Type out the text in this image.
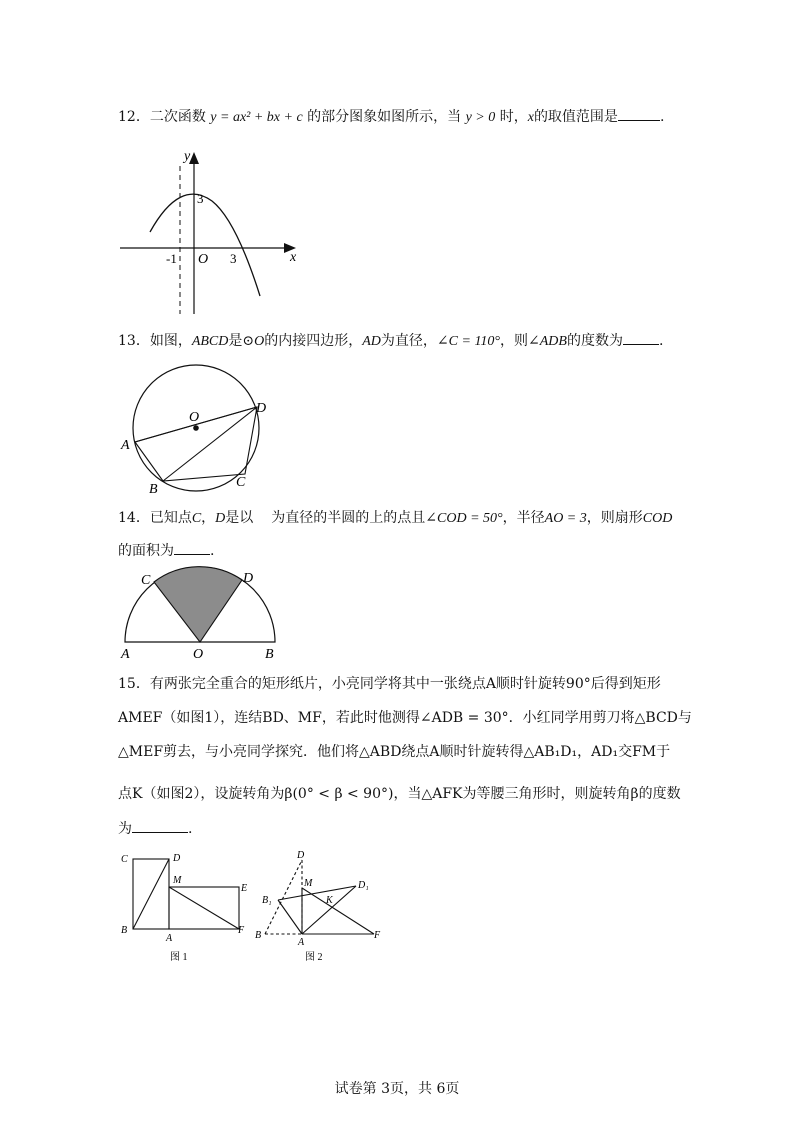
12．二次函数 y = ax² + bx + c 的部分图象如图所示，当 y > 0 时，x的取值范围是	.
y
x
O
-1	3
3
13．如图，ABCD是⊙O的内接四边形，AD为直径，∠C = 110°，则∠ADB的度数为	.
O
A
B	C
D
14．已知点C，D是以 为直径的半圆的上的点且∠COD = 50°，半径AO = 3，则扇形COD
的面积为	.
C	D
A	O	B
15．有两张完全重合的矩形纸片，小亮同学将其中一张绕点A顺时针旋转90°后得到矩形
AMEF（如图1），连结BD、MF，若此时他测得∠ADB = 30°．小红同学用剪刀将△BCD与
△MEF剪去，与小亮同学探究．他们将△ABD绕点A顺时针旋转得△AB₁D₁，AD₁交FM于
点K（如图2），设旋转角为β(0° < β < 90°)，当△AFK为等腰三角形时，则旋转角β的度数
为	.
C	D
M
E
B
A
F
图 1
D
M	D₁
B₁	K
B
A
F
图 2
试卷第 3页，共 6页
